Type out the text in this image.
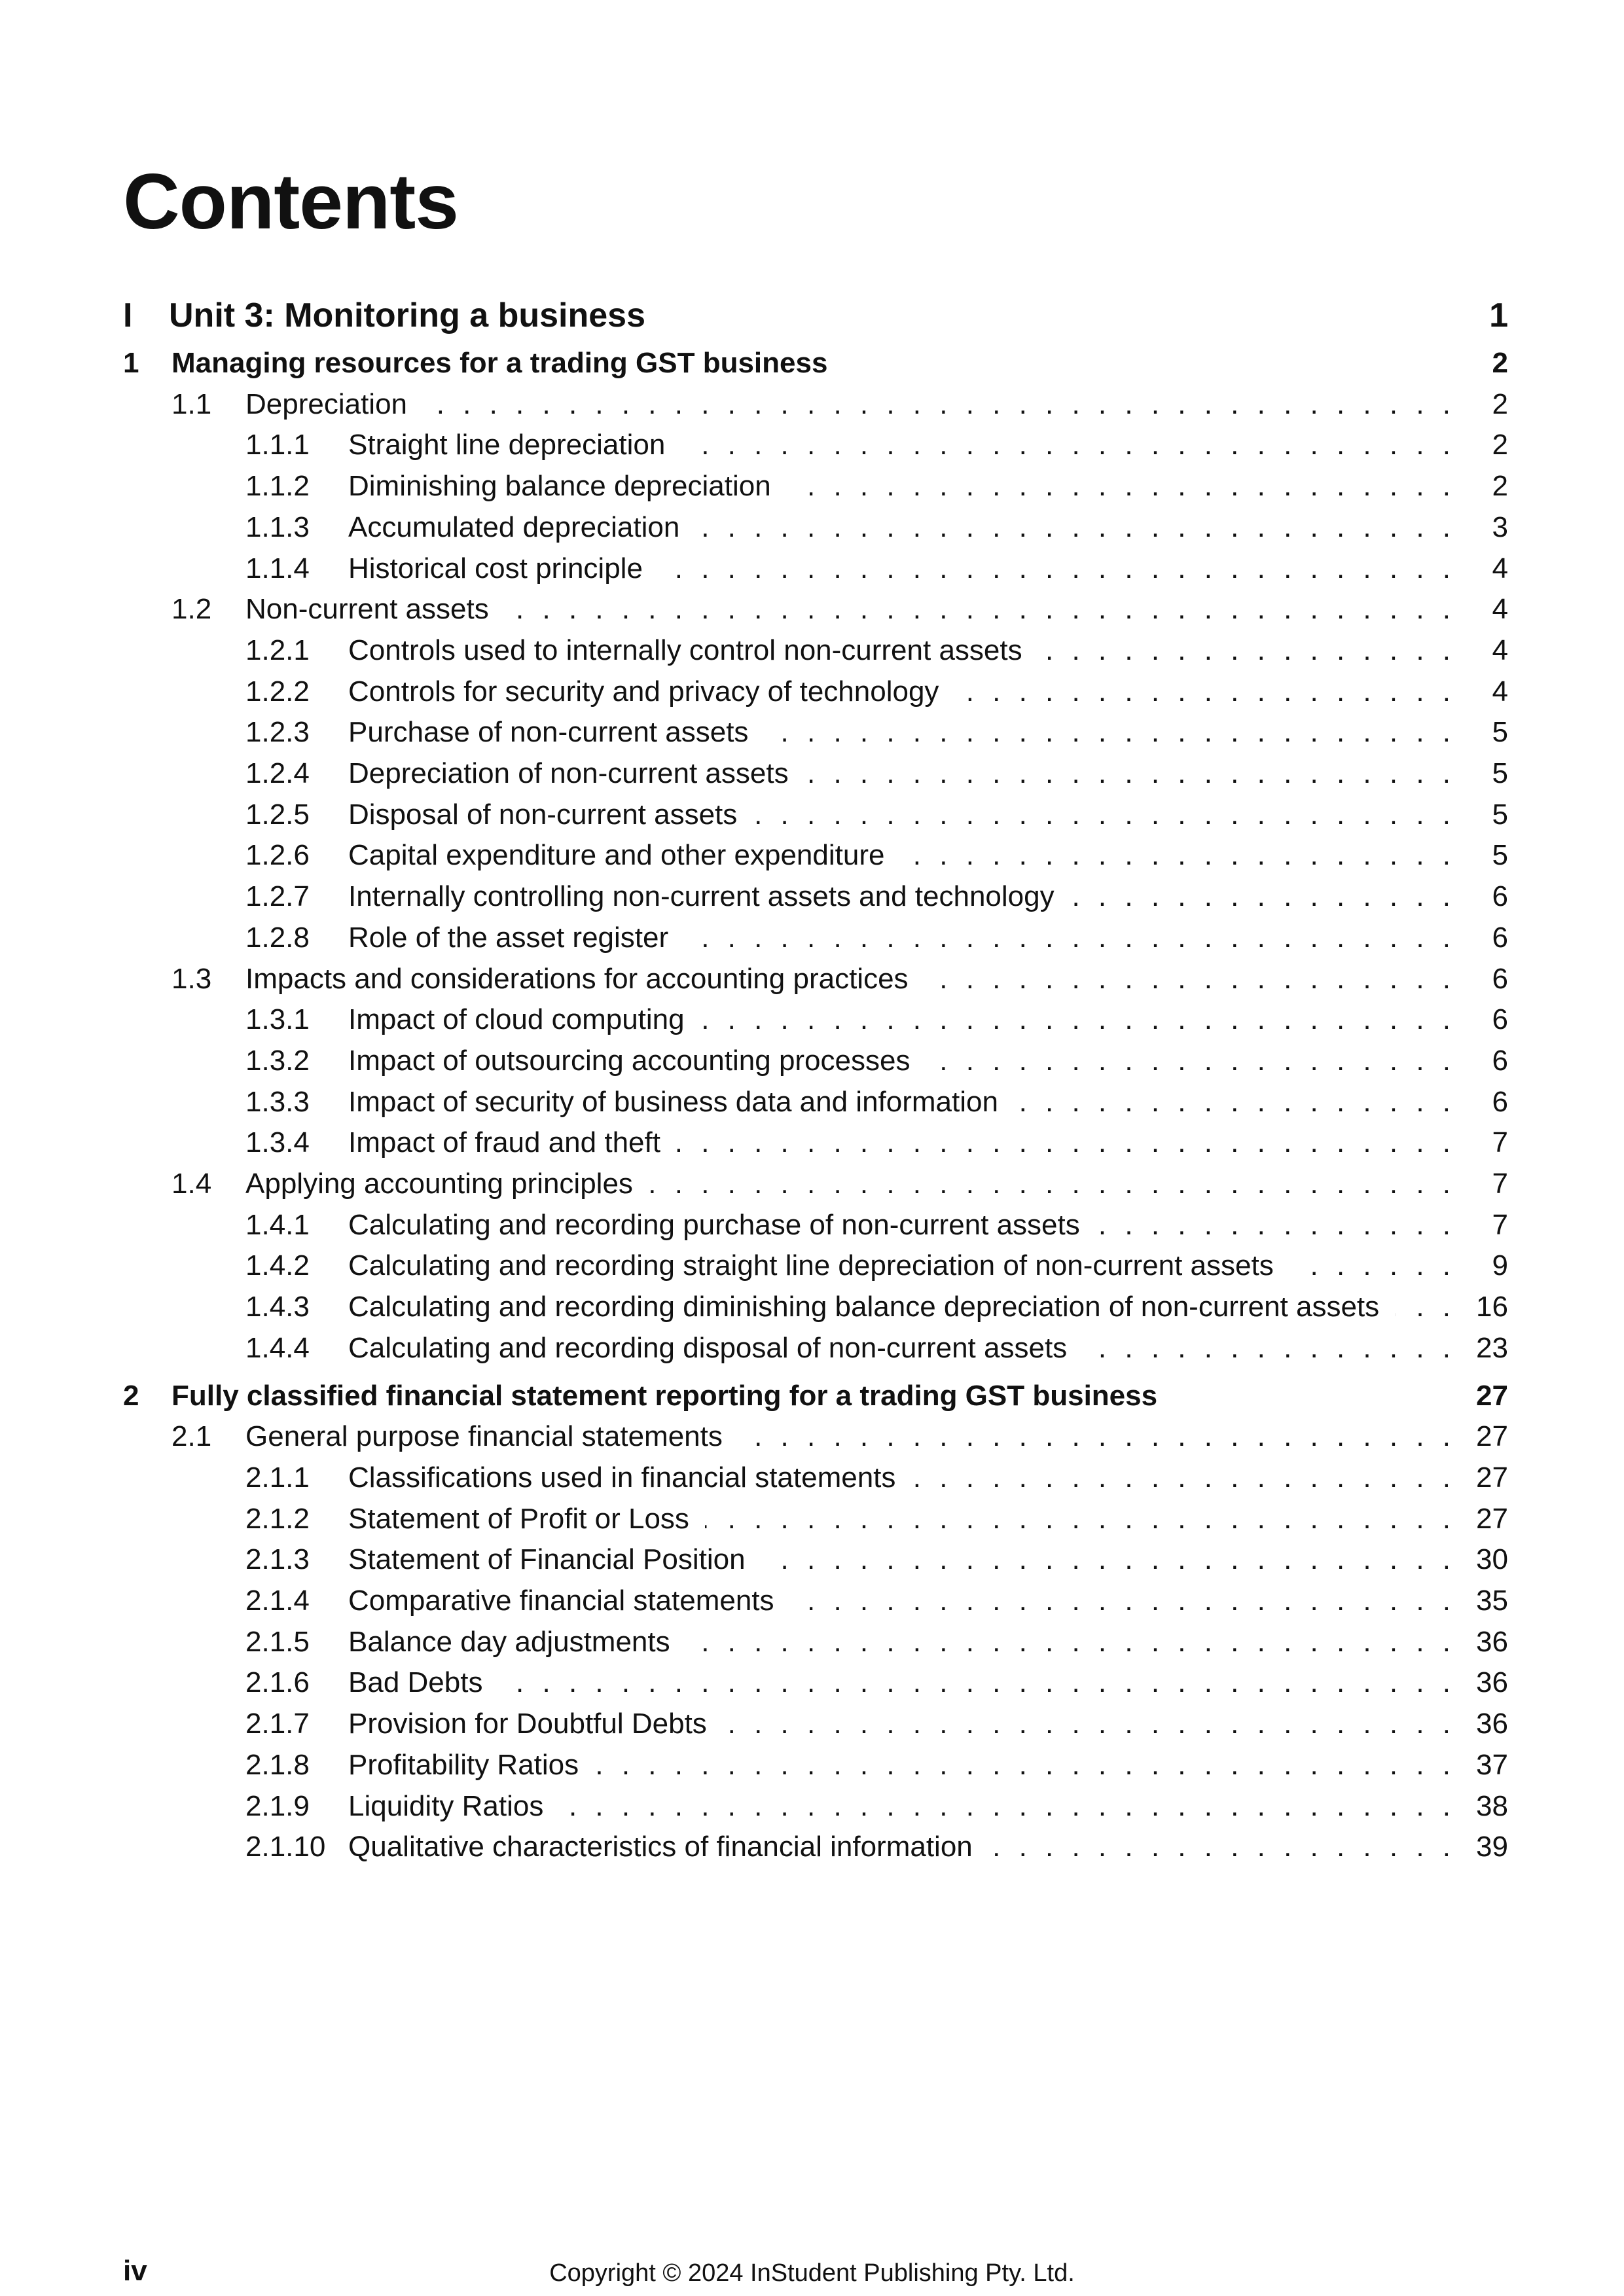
Contents
I Unit 3: Monitoring a business	1
1 Managing resources for a trading GST business	2
1.1 Depreciation	2
. . .
1.1.1 Straight line depreciation	2
. . .
1.1.2 Diminishing balance depreciation	2
. . .
1.1.3 Accumulated depreciation	3
. . .
1.1.4 Historical cost principle	4
. . .
1.2 Non-current assets	4
. . .
1.2.1 Controls used to internally control non-current assets	4
. . .
1.2.2 Controls for security and privacy of technology	4
. . .
1.2.3 Purchase of non-current assets	5
. . .
1.2.4 Depreciation of non-current assets	5
. . .
1.2.5 Disposal of non-current assets	5
. . .
1.2.6 Capital expenditure and other expenditure	5
. . .
1.2.7 Internally controlling non-current assets and technology	6
. . .
1.2.8 Role of the asset register	6
. . .
1.3 Impacts and considerations for accounting practices	6
. . .
1.3.1 Impact of cloud computing	6
. . .
1.3.2 Impact of outsourcing accounting processes	6
. . .
1.3.3 Impact of security of business data and information	6
. . .
1.3.4 Impact of fraud and theft	7
. . .
1.4 Applying accounting principles	7
. . .
1.4.1 Calculating and recording purchase of non-current assets	7
. . .
1.4.2 Calculating and recording straight line depreciation of non-current assets	9
. . .
1.4.3 Calculating and recording diminishing balance depreciation of non-current assets	16
. . .
1.4.4 Calculating and recording disposal of non-current assets	23
. . .
2 Fully classified financial statement reporting for a trading GST business	27
2.1 General purpose financial statements	27
. . .
2.1.1 Classifications used in financial statements	27
. . .
2.1.2 Statement of Profit or Loss	27
. . .
2.1.3 Statement of Financial Position	30
. . .
2.1.4 Comparative financial statements	35
. . .
2.1.5 Balance day adjustments	36
. . .
2.1.6 Bad Debts	36
. . .
2.1.7 Provision for Doubtful Debts	36
. . .
2.1.8 Profitability Ratios	37
. . .
2.1.9 Liquidity Ratios	38
. . .
2.1.10 Qualitative characteristics of financial information	39
. . .
iv	Copyright © 2024 InStudent Publishing Pty. Ltd.
